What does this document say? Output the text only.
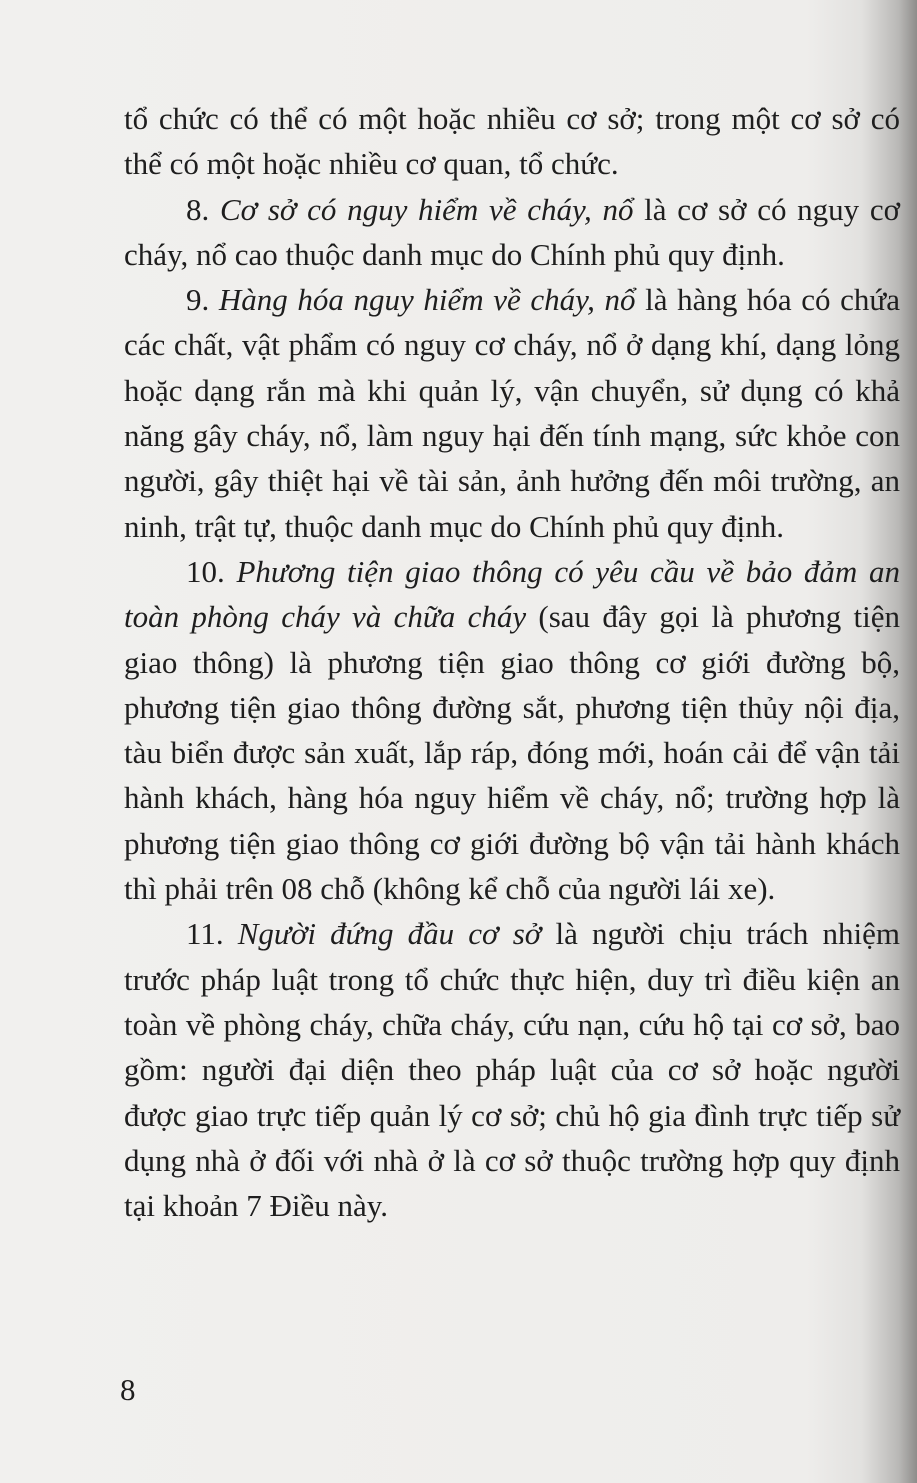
tổ chức có thể có một hoặc nhiều cơ sở; trong một cơ sở có thể có một hoặc nhiều cơ quan, tổ chức.

8. Cơ sở có nguy hiểm về cháy, nổ là cơ sở có nguy cơ cháy, nổ cao thuộc danh mục do Chính phủ quy định.

9. Hàng hóa nguy hiểm về cháy, nổ là hàng hóa có chứa các chất, vật phẩm có nguy cơ cháy, nổ ở dạng khí, dạng lỏng hoặc dạng rắn mà khi quản lý, vận chuyển, sử dụng có khả năng gây cháy, nổ, làm nguy hại đến tính mạng, sức khỏe con người, gây thiệt hại về tài sản, ảnh hưởng đến môi trường, an ninh, trật tự, thuộc danh mục do Chính phủ quy định.

10. Phương tiện giao thông có yêu cầu về bảo đảm an toàn phòng cháy và chữa cháy (sau đây gọi là phương tiện giao thông) là phương tiện giao thông cơ giới đường bộ, phương tiện giao thông đường sắt, phương tiện thủy nội địa, tàu biển được sản xuất, lắp ráp, đóng mới, hoán cải để vận tải hành khách, hàng hóa nguy hiểm về cháy, nổ; trường hợp là phương tiện giao thông cơ giới đường bộ vận tải hành khách thì phải trên 08 chỗ (không kể chỗ của người lái xe).

11. Người đứng đầu cơ sở là người chịu trách nhiệm trước pháp luật trong tổ chức thực hiện, duy trì điều kiện an toàn về phòng cháy, chữa cháy, cứu nạn, cứu hộ tại cơ sở, bao gồm: người đại diện theo pháp luật của cơ sở hoặc người được giao trực tiếp quản lý cơ sở; chủ hộ gia đình trực tiếp sử dụng nhà ở đối với nhà ở là cơ sở thuộc trường hợp quy định tại khoản 7 Điều này.

8
